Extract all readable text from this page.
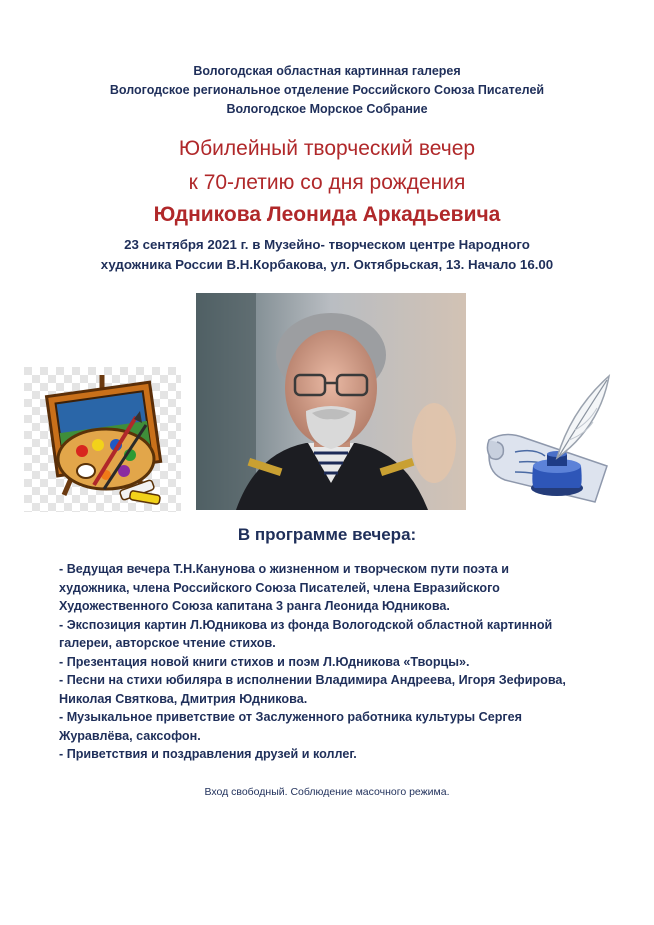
Вологодская областная картинная галерея
Вологодское региональное отделение Российского Союза Писателей
Вологодское Морское Собрание
Юбилейный творческий вечер
к 70-летию со дня рождения
Юдникова Леонида Аркадьевича
23 сентября 2021 г. в Музейно- творческом центре Народного
художника России В.Н.Корбакова, ул. Октябрьская, 13. Начало 16.00
В программе вечера:
- Ведущая вечера Т.Н.Канунова о жизненном и творческом пути поэта и
художника, члена Российского Союза Писателей, члена Евразийского
Художественного Союза капитана 3 ранга Леонида Юдникова.
- Экспозиция картин Л.Юдникова из фонда Вологодской областной картинной
галереи, авторское чтение стихов.
- Презентация новой книги стихов и поэм Л.Юдникова «Творцы».
- Песни на стихи юбиляра в исполнении Владимира Андреева, Игоря Зефирова,
Николая Святкова, Дмитрия Юдникова.
- Музыкальное приветствие от Заслуженного работника культуры Сергея
Журавлёва, саксофон.
- Приветствия и поздравления друзей и коллег.
Вход свободный. Соблюдение масочного режима.
